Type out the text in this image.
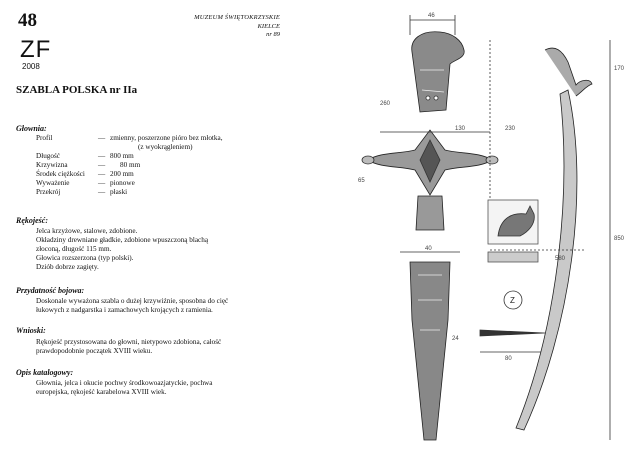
48	MUZEUM ŚWIĘTOKRZYSKIE
KIELCE
nr 89
ZF
2008
SZABLA POLSKA nr IIa
Głownia:
Profil	—	zmienny, poszerzone pióro bez młotka,
(z wyokrągleniem)

Długość	—	800 mm
Krzywizna	—	80 mm
Środek ciężkości	—	200 mm
Wyważenie	—	pionowe
Przekrój	—	płaski
Rękojeść:
Jelca krzyżowe, stalowe, zdobione.
Okładziny drewniane gładkie, zdobione wpuszczoną blachą
złoconą, długość 115 mm.
Głowica rozszerzona (typ polski).
Dziób dobrze zagięty.
Przydatność bojowa:
Doskonale wyważona szabla o dużej krzywiźnie, sposobna do cięć
łukowych z nadgarstka i zamachowych krojących z ramienia.
Wnioski:
Rękojeść przystosowana do głowni, nietypowo zdobiona, całość
prawdopodobnie początek XVIII wieku.
Opis katalogowy:
Głownia, jelca i okucie pochwy środkowoazjatyckie, pochwa
europejska, rękojeść karabelowa XVIII wiek.
46
130
65
40
24
80
580
850
170
230
260
Z
